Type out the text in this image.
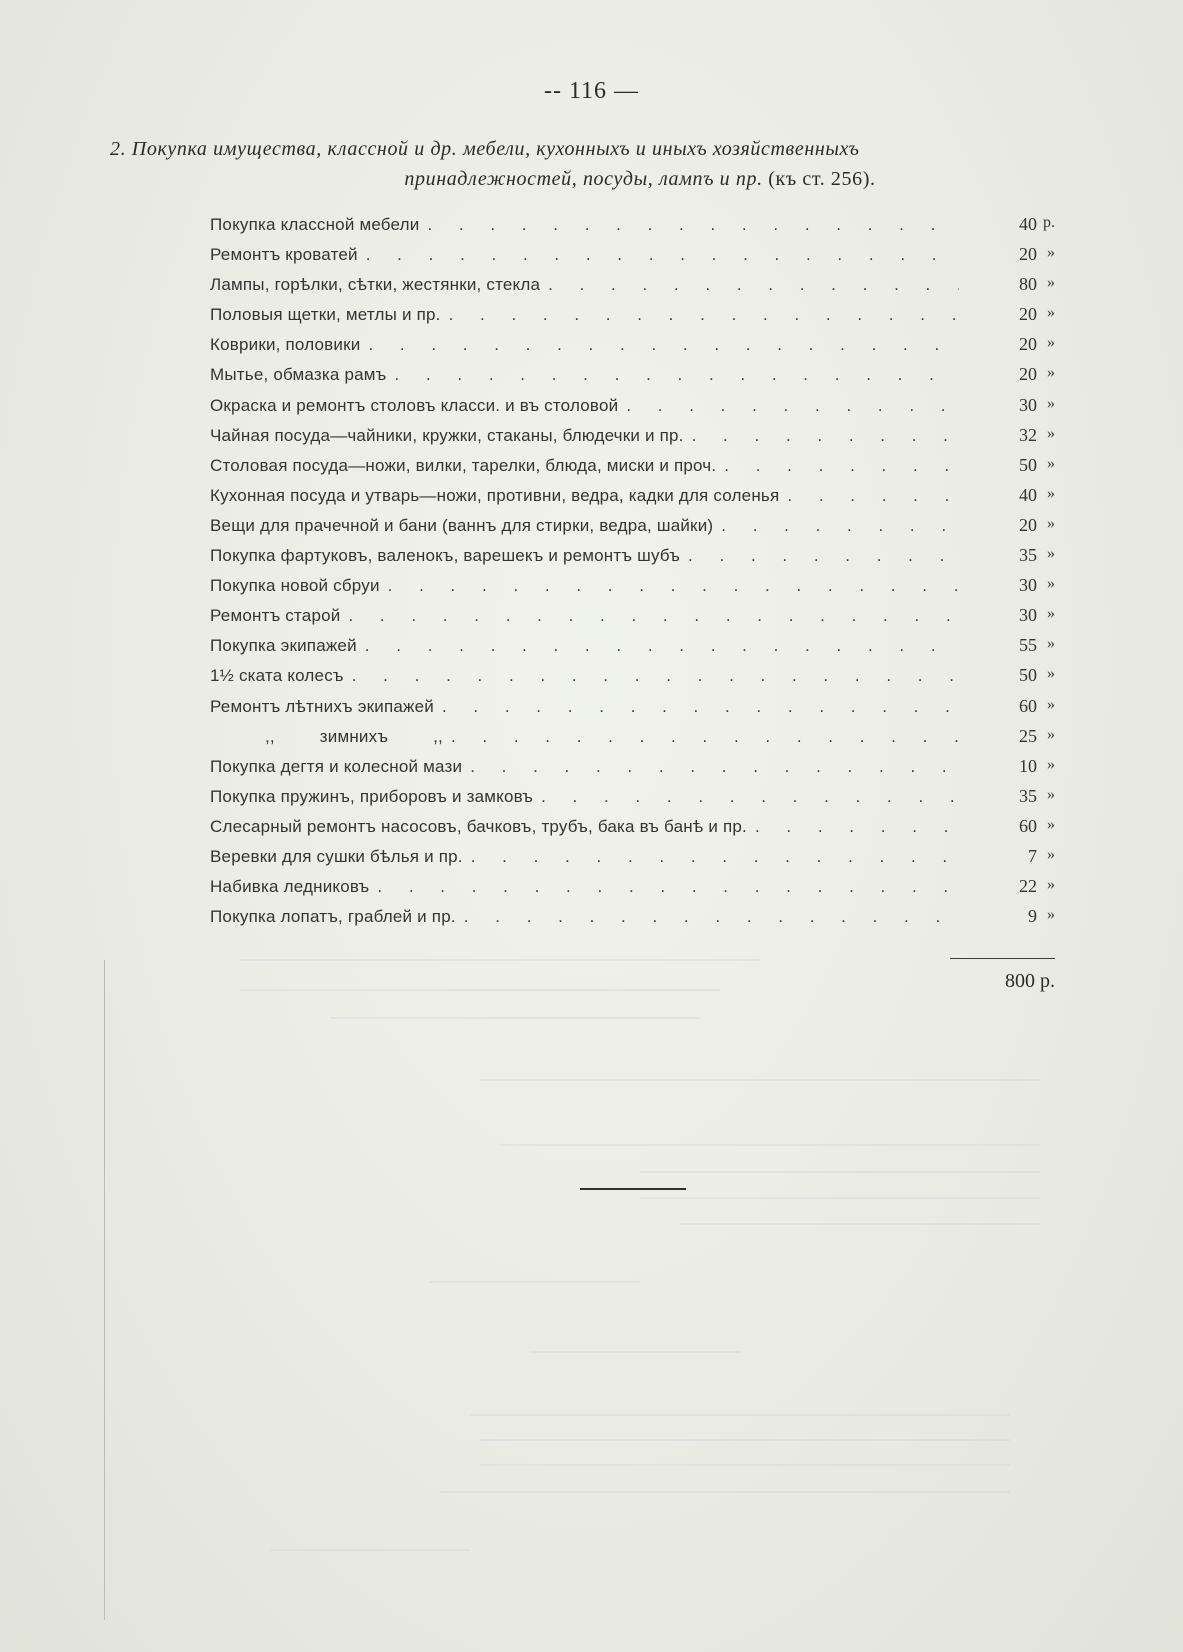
-- 116 —
2. Покупка имущества, классной и др. мебели, кухонныхъ и иныхъ хозяйственныхъ
принадлежностей, посуды, лампъ и пр. (къ ст. 256).
Покупка классной мебели . . .	40 р.
Ремонтъ кроватей . . .	20 »
Лампы, горѣлки, сѣтки, жестянки, стекла . . .	80 »
Половыя щетки, метлы и пр. . . .	20 »
Коврики, половики . . .	20 »
Мытье, обмазка рамъ . . .	20 »
Окраска и ремонтъ столовъ класси. и въ столовой . . .	30 »
Чайная посуда—чайники, кружки, стаканы, блюдечки и пр. . . .	32 »
Столовая посуда—ножи, вилки, тарелки, блюда, миски и проч. . . .	50 »
Кухонная посуда и утварь—ножи, противни, ведра, кадки для соленья . . .	40 »
Вещи для прачечной и бани (ваннъ для стирки, ведра, шайки) . . .	20 »
Покупка фартуковъ, валенокъ, варешекъ и ремонтъ шубъ . . .	35 »
Покупка новой сбруи . . .	30 »
Ремонтъ старой . . .	30 »
Покупка экипажей . . .	55 »
1½ ската колесъ . . .	50 »
Ремонтъ лѣтнихъ экипажей . . .	60 »
,, зимнихъ ,, . . .	25 »
Покупка дегтя и колесной мази . . .	10 »
Покупка пружинъ, приборовъ и замковъ . . .	35 »
Слесарный ремонтъ насосовъ, бачковъ, трубъ, бака въ банѣ и пр. . . .	60 »
Веревки для сушки бѣлья и пр. . . .	7 »
Набивка ледниковъ . . .	22 »
Покупка лопатъ, граблей и пр. . . .	9 »
800 р.
